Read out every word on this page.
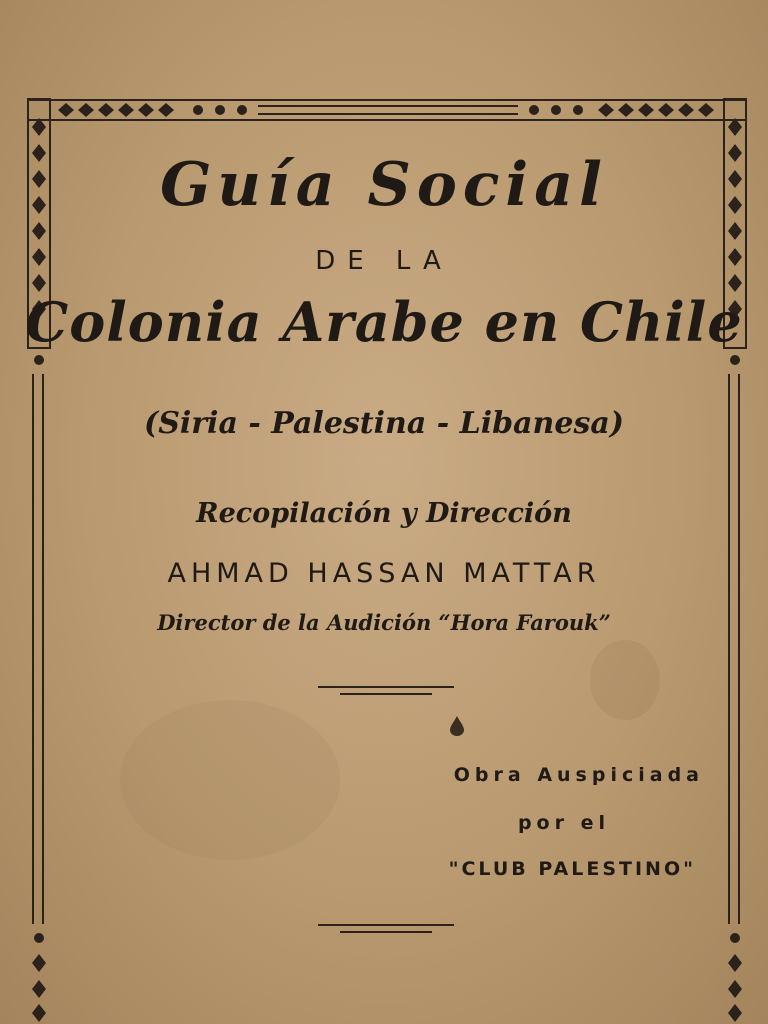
Guía Social
DE LA
Colonia Arabe en Chile
(Siria - Palestina - Libanesa)
Recopilación y Dirección
AHMAD HASSAN MATTAR
Director de la Audición “Hora Farouk”
Obra Auspiciada
por el
"CLUB PALESTINO"
